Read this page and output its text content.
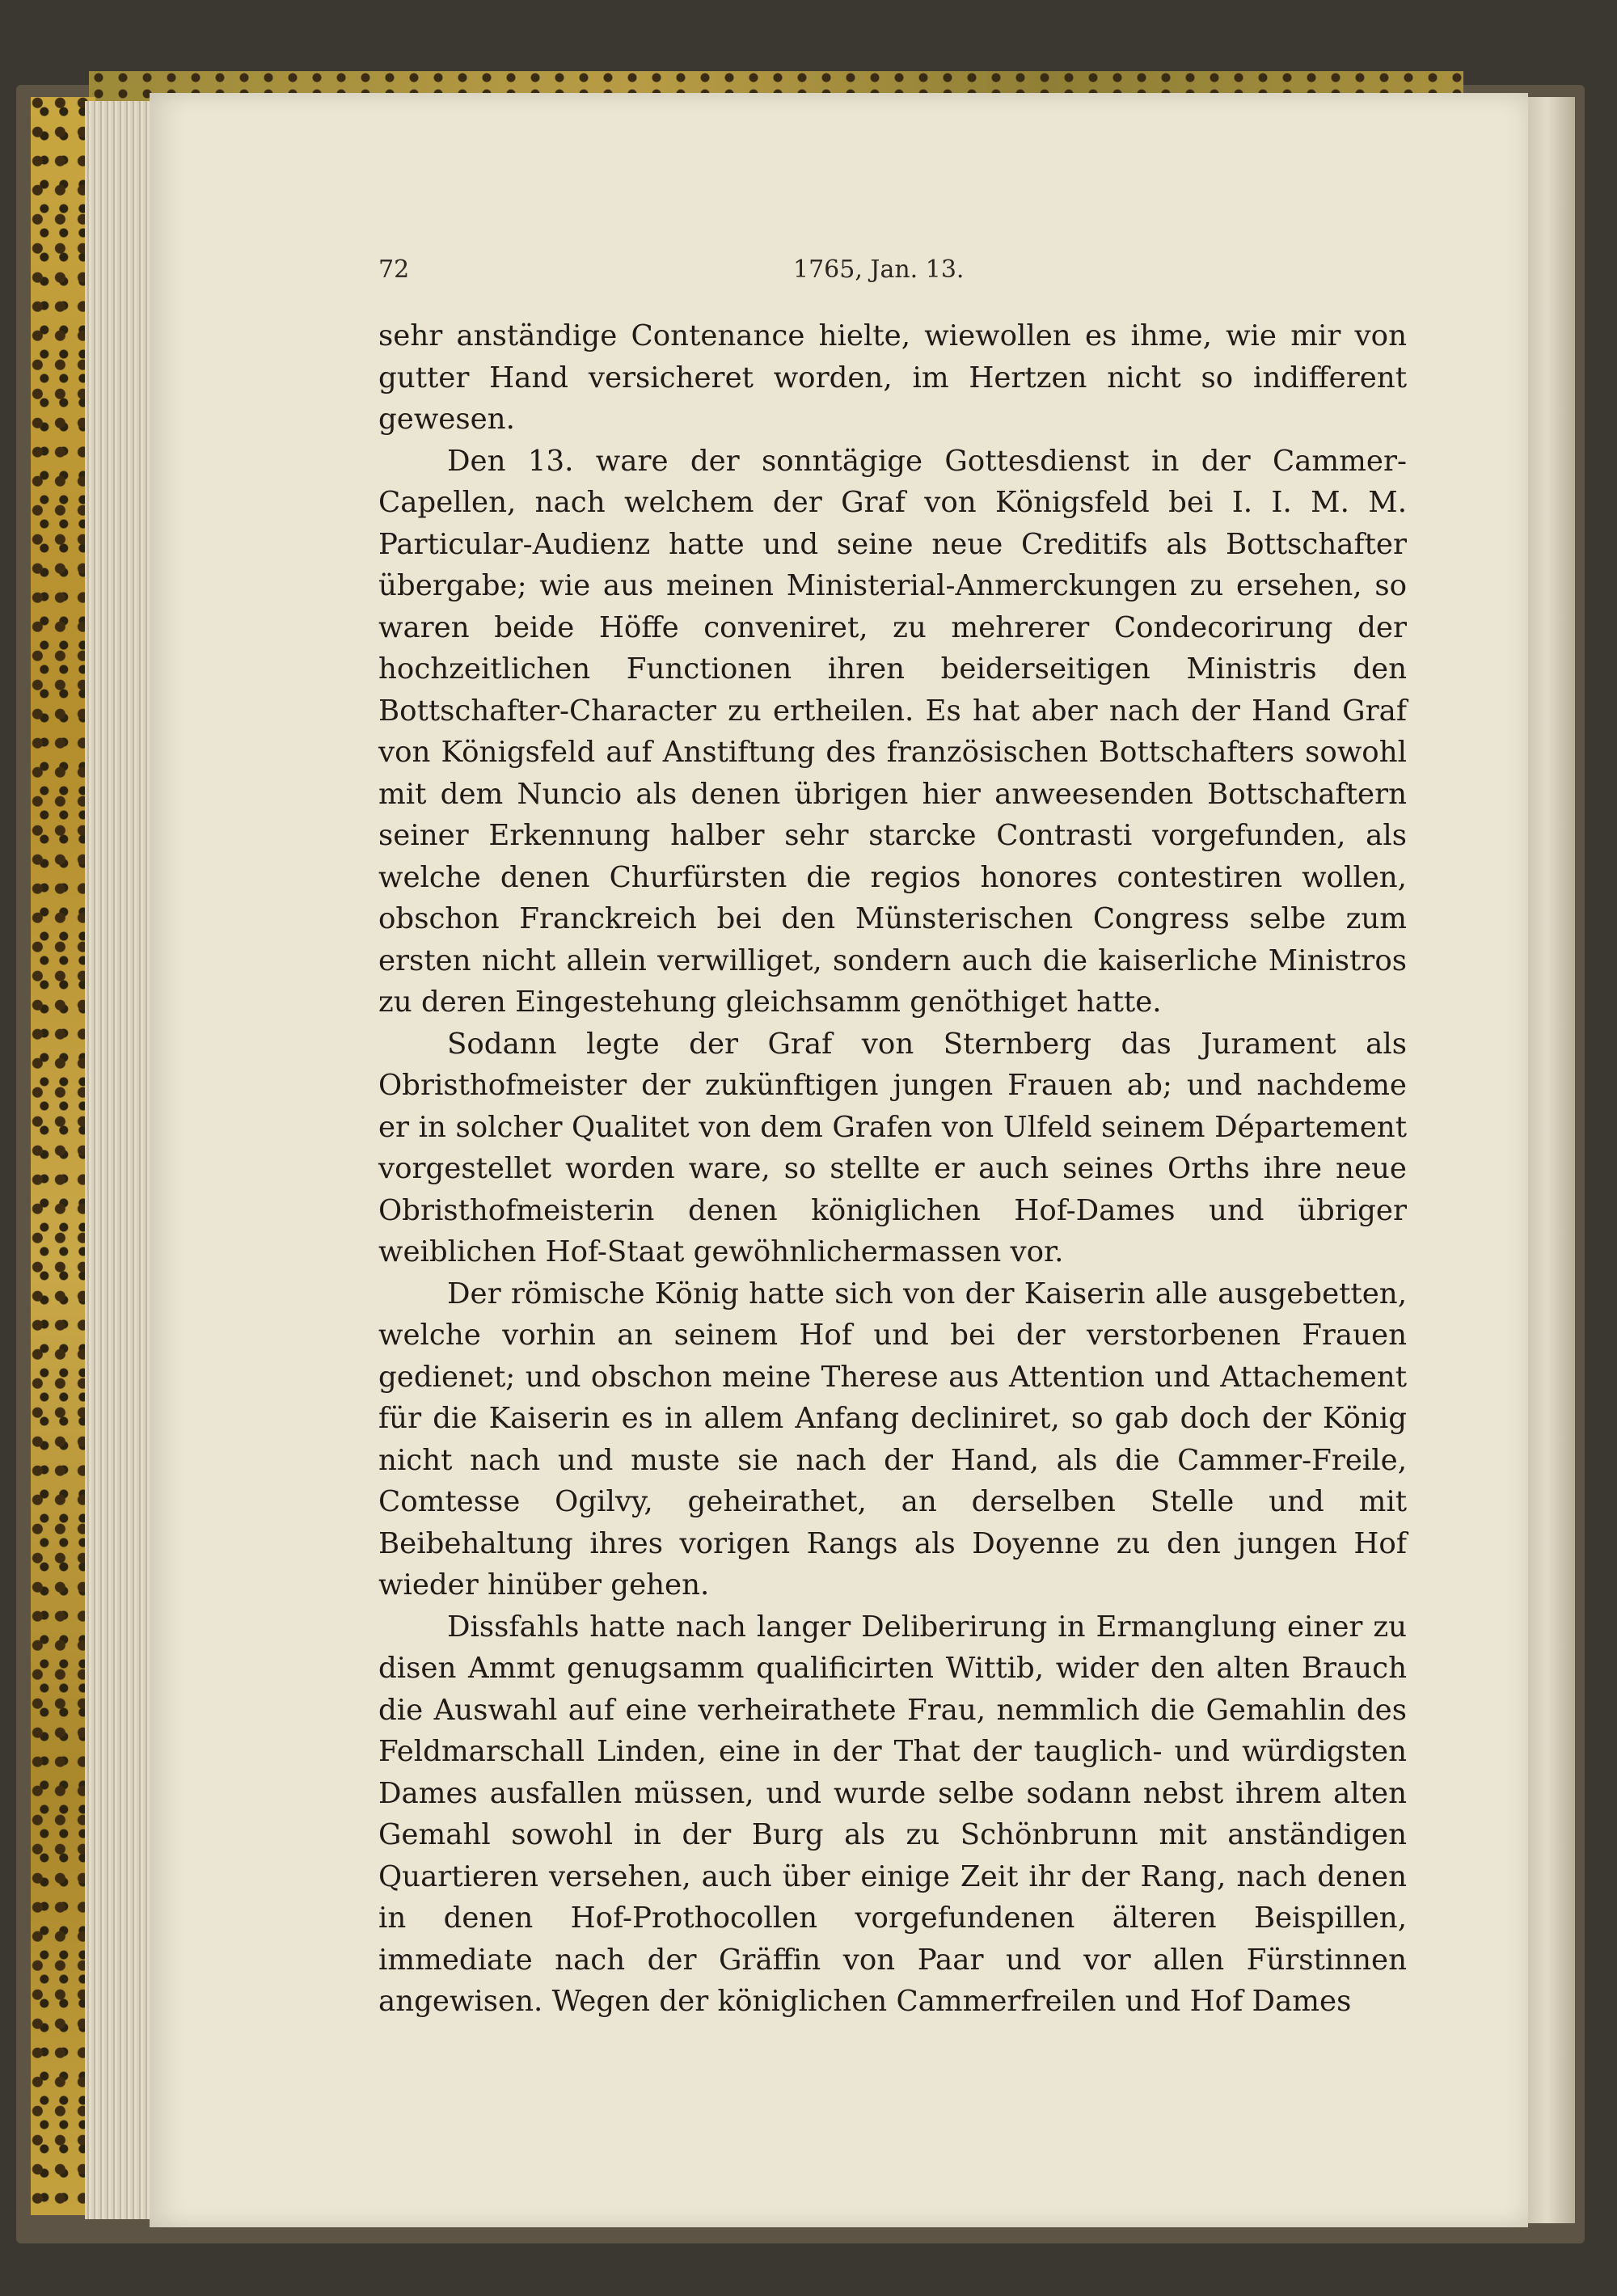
72	1765, Jan. 13.

sehr anständige Contenance hielte, wiewollen es ihme, wie mir von gutter Hand versicheret worden, im Hertzen nicht so indifferent gewesen.

Den 13. ware der sonntägige Gottesdienst in der Cammer-Capellen, nach welchem der Graf von Königsfeld bei I. I. M. M. Particular-Audienz hatte und seine neue Creditifs als Bottschafter übergabe; wie aus meinen Ministerial-Anmerckungen zu ersehen, so waren beide Höffe conveniret, zu mehrerer Condecorirung der hochzeitlichen Functionen ihren beiderseitigen Ministris den Bottschafter-Character zu ertheilen. Es hat aber nach der Hand Graf von Königsfeld auf Anstiftung des französischen Bottschafters sowohl mit dem Nuncio als denen übrigen hier anweesenden Bottschaftern seiner Erkennung halber sehr starcke Contrasti vorgefunden, als welche denen Churfürsten die regios honores contestiren wollen, obschon Franckreich bei den Münsterischen Congress selbe zum ersten nicht allein verwilliget, sondern auch die kaiserliche Ministros zu deren Eingestehung gleichsamm genöthiget hatte.

Sodann legte der Graf von Sternberg das Jurament als Obristhofmeister der zukünftigen jungen Frauen ab; und nachdeme er in solcher Qualitet von dem Grafen von Ulfeld seinem Département vorgestellet worden ware, so stellte er auch seines Orths ihre neue Obristhofmeisterin denen königlichen Hof-Dames und übriger weiblichen Hof-Staat gewöhnlichermassen vor.

Der römische König hatte sich von der Kaiserin alle ausgebetten, welche vorhin an seinem Hof und bei der verstorbenen Frauen gedienet; und obschon meine Therese aus Attention und Attachement für die Kaiserin es in allem Anfang decliniret, so gab doch der König nicht nach und muste sie nach der Hand, als die Cammer-Freile, Comtesse Ogilvy, geheirathet, an derselben Stelle und mit Beibehaltung ihres vorigen Rangs als Doyenne zu den jungen Hof wieder hinüber gehen.

Dissfahls hatte nach langer Deliberirung in Ermanglung einer zu disen Ammt genugsamm qualificirten Wittib, wider den alten Brauch die Auswahl auf eine verheirathete Frau, nemmlich die Gemahlin des Feldmarschall Linden, eine in der That der tauglich- und würdigsten Dames ausfallen müssen, und wurde selbe sodann nebst ihrem alten Gemahl sowohl in der Burg als zu Schönbrunn mit anständigen Quartieren versehen, auch über einige Zeit ihr der Rang, nach denen in denen Hof-Prothocollen vorgefundenen älteren Beispillen, immediate nach der Gräffin von Paar und vor allen Fürstinnen angewisen. Wegen der königlichen Cammerfreilen und Hof Dames
